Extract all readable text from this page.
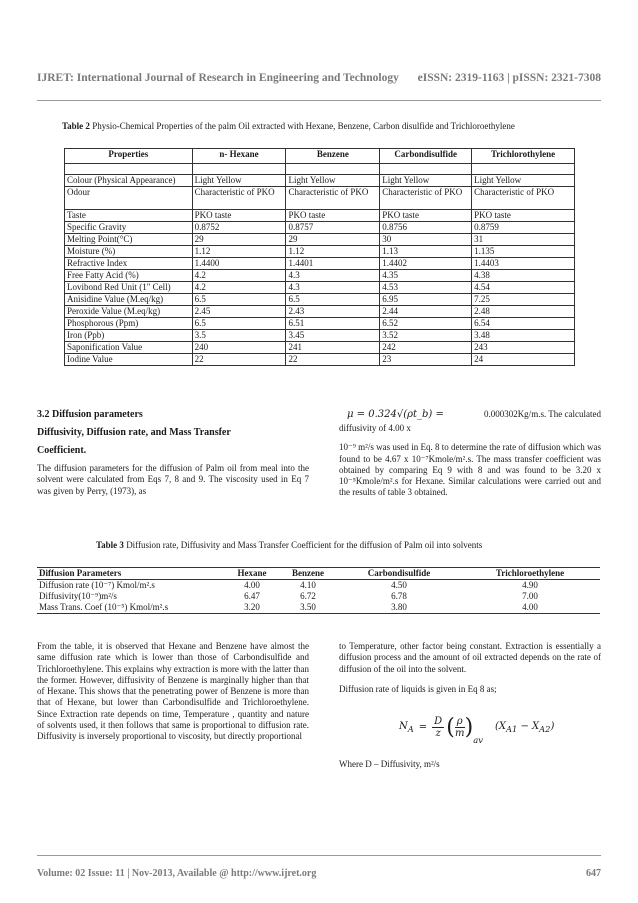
IJRET: International Journal of Research in Engineering and Technology eISSN: 2319-1163 | pISSN: 2321-7308
Table 2 Physio-Chemical Properties of the palm Oil extracted with Hexane, Benzene, Carbon disulfide and Trichloroethylene
Properties	n- Hexane	Benzene	Carbondisulfide	Trichlorothylene

Colour (Physical Appearance)	Light Yellow	Light Yellow	Light Yellow	Light Yellow
Odour	Characteristic of PKO	Characteristic of PKO	Characteristic of PKO	Characteristic of PKO
Taste	PKO taste	PKO taste	PKO taste	PKO taste
Specific Gravity	0.8752	0.8757	0.8756	0.8759
Melting Point(°C)	29	29	30	31
Moisture (%)	1.12	1.12	1.13	1.135
Refractive Index	1.4400	1.4401	1.4402	1.4403
Free Fatty Acid (%)	4.2	4.3	4.35	4.38
Lovibond Red Unit (1" Cell)	4.2	4.3	4.53	4.54
Anisidine Value (M.eq/kg)	6.5	6.5	6.95	7.25
Peroxide Value (M.eq/kg)	2.45	2.43	2.44	2.48
Phosphorous (Ppm)	6.5	6.51	6.52	6.54
Iron (Ppb)	3.5	3.45	3.52	3.48
Saponification Value	240	241	242	243
Iodine Value	22	22	23	24
3.2 Diffusion parameters
Diffusivity, Diffusion rate, and Mass Transfer
Coefficient.
The diffusion parameters for the diffusion of Palm oil from meal into the solvent were calculated from Eqs 7, 8 and 9. The viscosity used in Eq 7 was given by Perry, (1973), as
μ = 0.324√(ρt_b) =	0.000302Kg/m.s. The calculated
diffusivity of 4.00 x
10⁻⁹ m²/s was used in Eq. 8 to determine the rate of diffusion which was found to be 4.67 x 10⁻⁷Kmole/m².s. The mass transfer coefficient was obtained by comparing Eq 9 with 8 and was found to be 3.20 x 10⁻⁵Kmole/m².s for Hexane. Similar calculations were carried out and the results of table 3 obtained.
Table 3 Diffusion rate, Diffusivity and Mass Transfer Coefficient for the diffusion of Palm oil into solvents
Diffusion Parameters	Hexane	Benzene	Carbondisulfide	Trichloroethylene
Diffusion rate (10⁻⁷) Kmol/m².s	4.00	4.10	4.50	4.90
Diffusivity(10⁻⁹)m²/s	6.47	6.72	6.78	7.00
Mass Trans. Coef (10⁻⁵) Kmol/m².s	3.20	3.50	3.80	4.00
From the table, it is observed that Hexane and Benzene have almost the same diffusion rate which is lower than those of Carbondisulfide and Trichloroethylene. This explains why extraction is more with the latter than the former. However, diffusivity of Benzene is marginally higher than that of Hexane. This shows that the penetrating power of Benzene is more than that of Hexane, but lower than Carbondisulfide and Trichloroethylene. Since Extraction rate depends on time, Temperature , quantity and nature of solvents used, it then follows that same is proportional to diffusion rate. Diffusivity is inversely proportional to viscosity, but directly proportional
to Temperature, other factor being constant. Extraction is essentially a diffusion process and the amount of oil extracted depends on the rate of diffusion of the oil into the solvent.
Diffusion rate of liquids is given in Eq 8 as;
$N_A = \frac{D}{z}$ ( $\frac{\rho}{m}$ )
$_{av}$
$(X_{A1} - X_{A2})$
Where D – Diffusivity, m²/s
Volume: 02 Issue: 11 | Nov-2013, Available @ http://www.ijret.org	647
